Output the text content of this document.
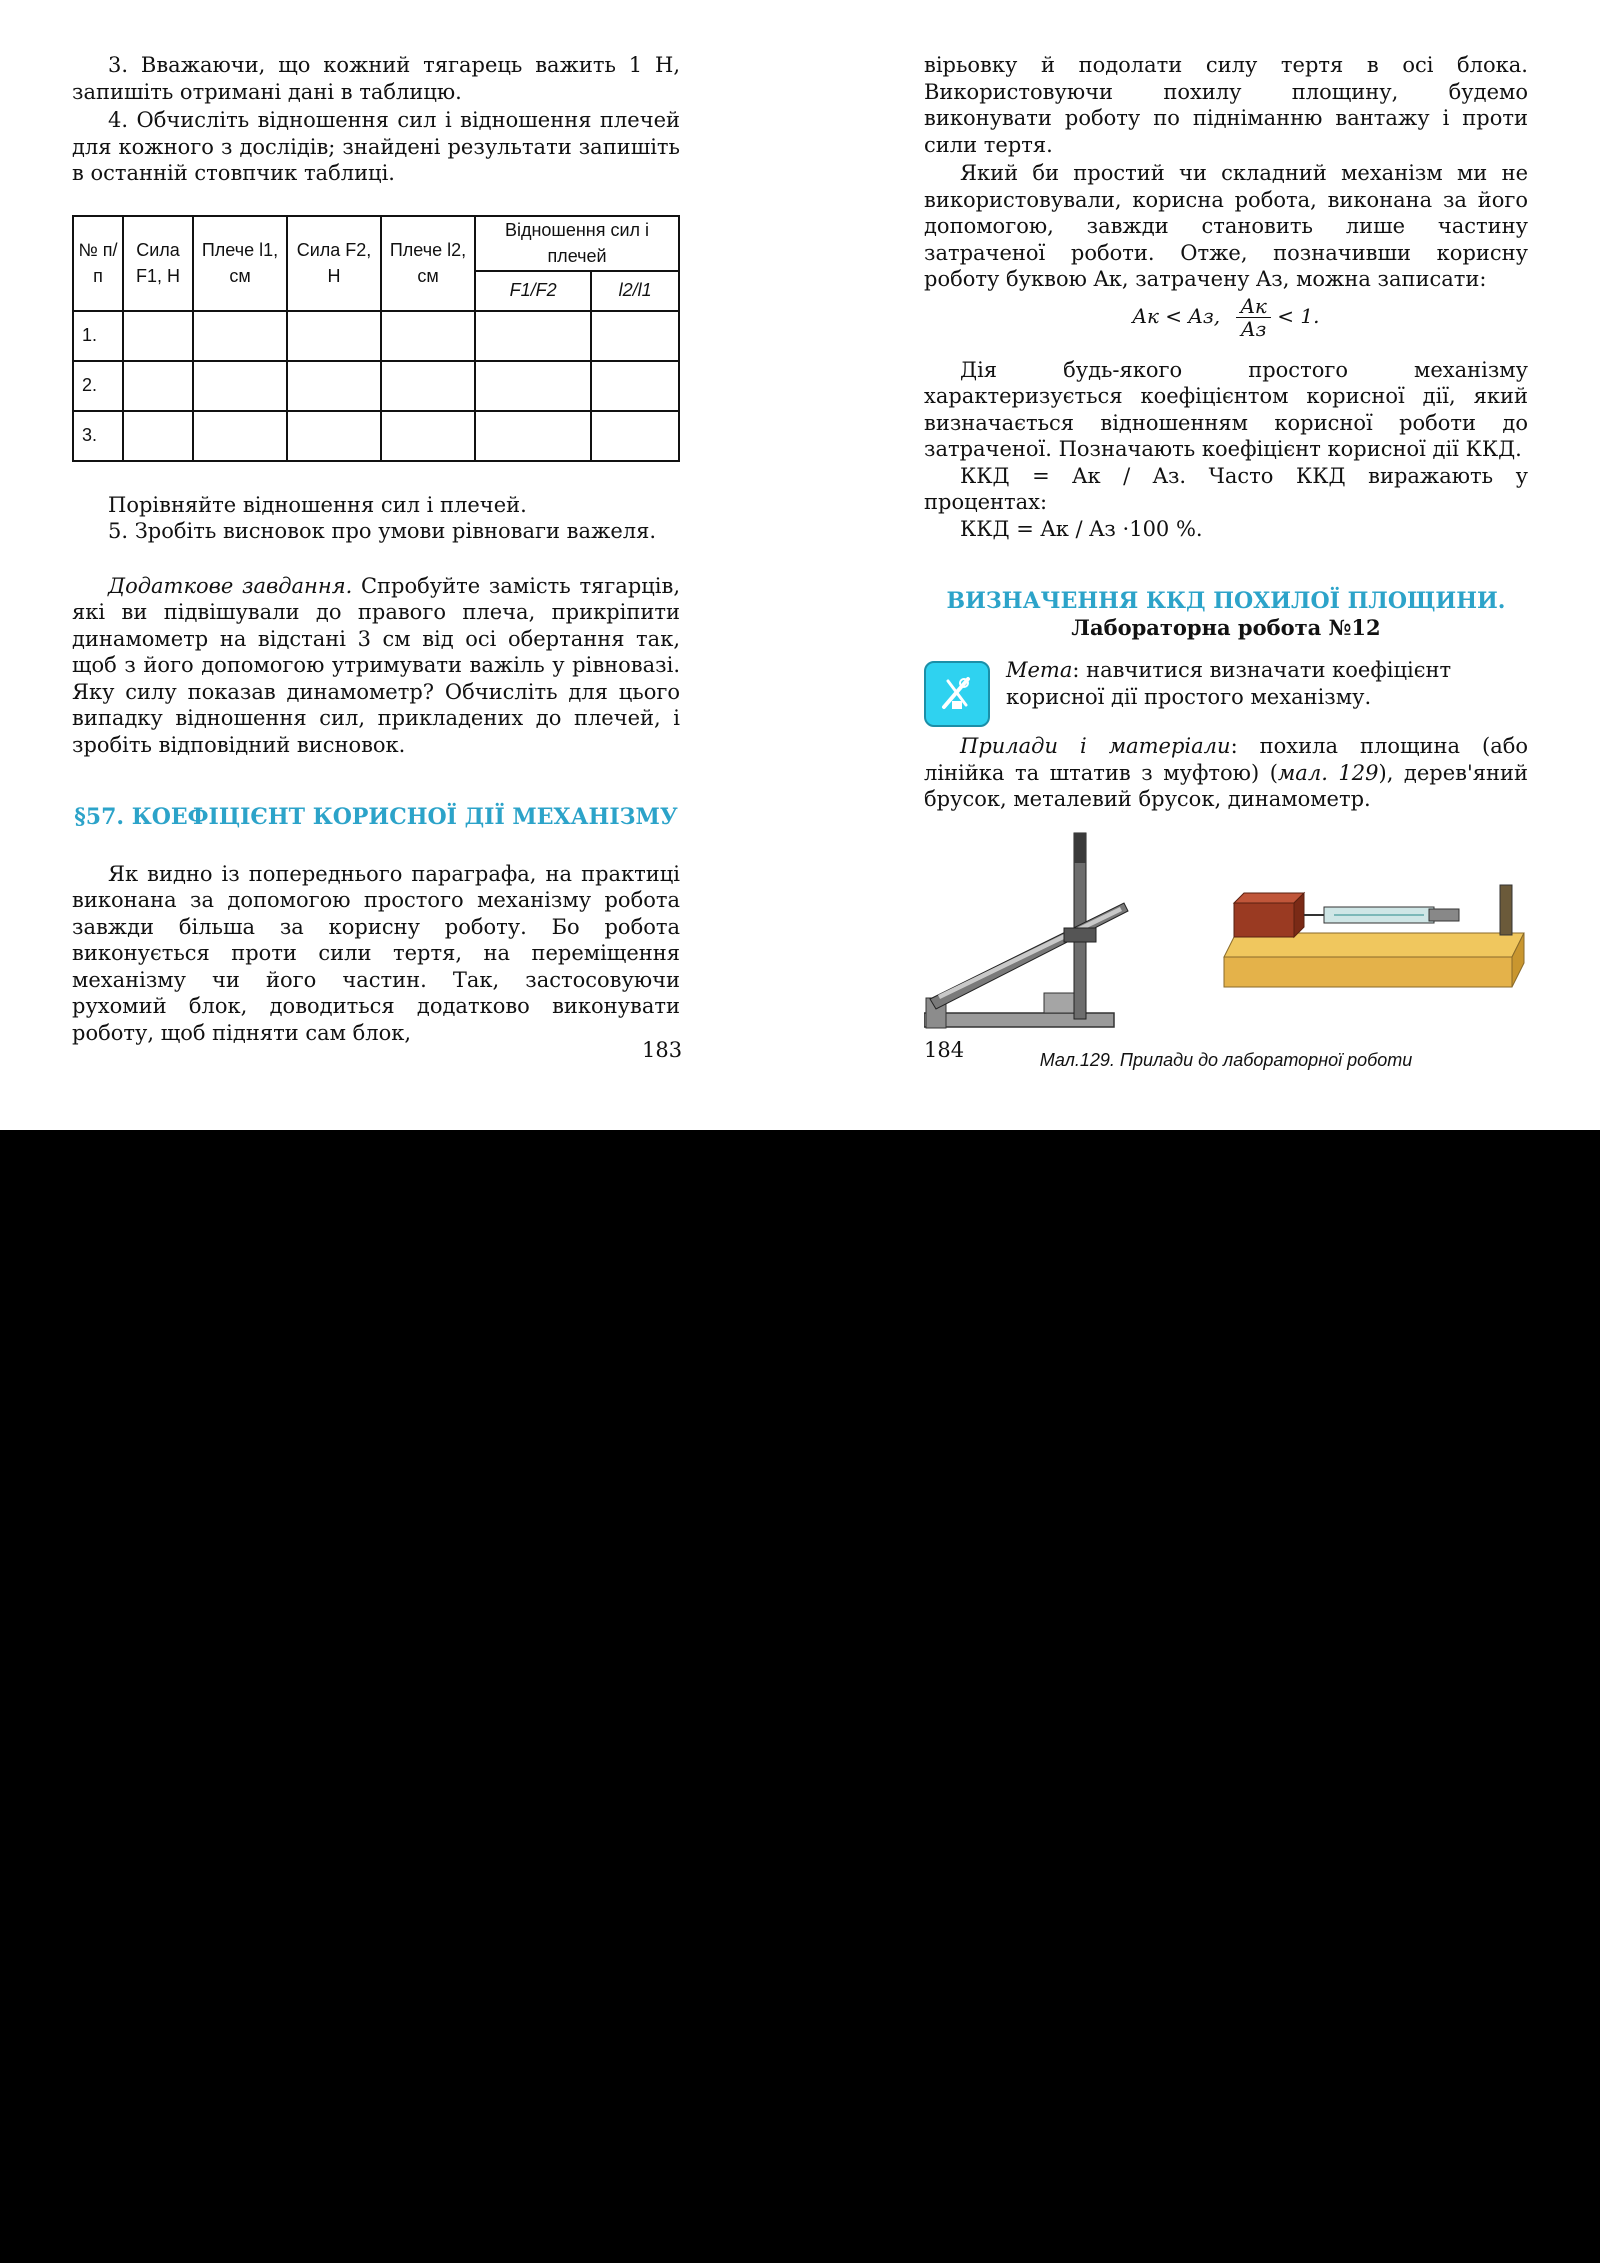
3. Вважаючи, що кожний тягарець важить 1 Н, запишіть отримані дані в таблицю.

4. Обчисліть відношення сил і відношення плечей для кожного з дослідів; знайдені результати запишіть в останній стовпчик таблиці.

№ п/п	Сила F1, Н	Плече l1, см	Сила F2, Н	Плече l2, см	Відношення сил і плечей	
					F1/F2	l2/l1
1.						
2.						
3.						

Порівняйте відношення сил і плечей.

5. Зробіть висновок про умови рівноваги важеля.

Додаткове завдання. Спробуйте замість тягарців, які ви підвішували до правого плеча, прикріпити динамометр на відстані 3 см від осі обертання так, щоб з його допомогою утримувати важіль у рівновазі. Яку силу показав динамометр? Обчисліть для цього випадку відношення сил, прикладених до плечей, і зробіть відповідний висновок.

§57. КОЕФІЦІЄНТ КОРИСНОЇ ДІЇ МЕХАНІЗМУ

Як видно із попереднього параграфа, на практиці виконана за допомогою простого механізму робота завжди більша за корисну роботу. Бо робота виконується проти сили тертя, на переміщення механізму чи його частин. Так, застосовуючи рухомий блок, доводиться додатково виконувати роботу, щоб підняти сам блок,

183

вірьовку й подолати силу тертя в осі блока. Використовуючи похилу площину, будемо виконувати роботу по підніманню вантажу і проти сили тертя.

Який би простий чи складний механізм ми не використовували, корисна робота, виконана за його допомогою, завжди становить лише частину затраченої роботи. Отже, позначивши корисну роботу буквою Aк, затрачену Aз, можна записати:

Aк < Aз, $\frac{Aк}{Aз} < 1$.

Дія будь-якого простого механізму характеризується коефіцієнтом корисної дії, який визначається відношенням корисної роботи до затраченої. Позначають коефіцієнт корисної дії ККД.

ККД = Aк / Aз. Часто ККД виражають у процентах:

ККД = Aк / Aз ·100 %.

ВИЗНАЧЕННЯ ККД ПОХИЛОЇ ПЛОЩИНИ.
Лабораторна робота №12

Мета: навчитися визначати коефіцієнт корисної дії простого механізму.

Прилади і матеріали: похила площина (або лінійка та штатив з муфтою) (мал. 129), дерев'яний брусок, металевий брусок, динамометр.

Мал.129. Прилади до лабораторної роботи
184
